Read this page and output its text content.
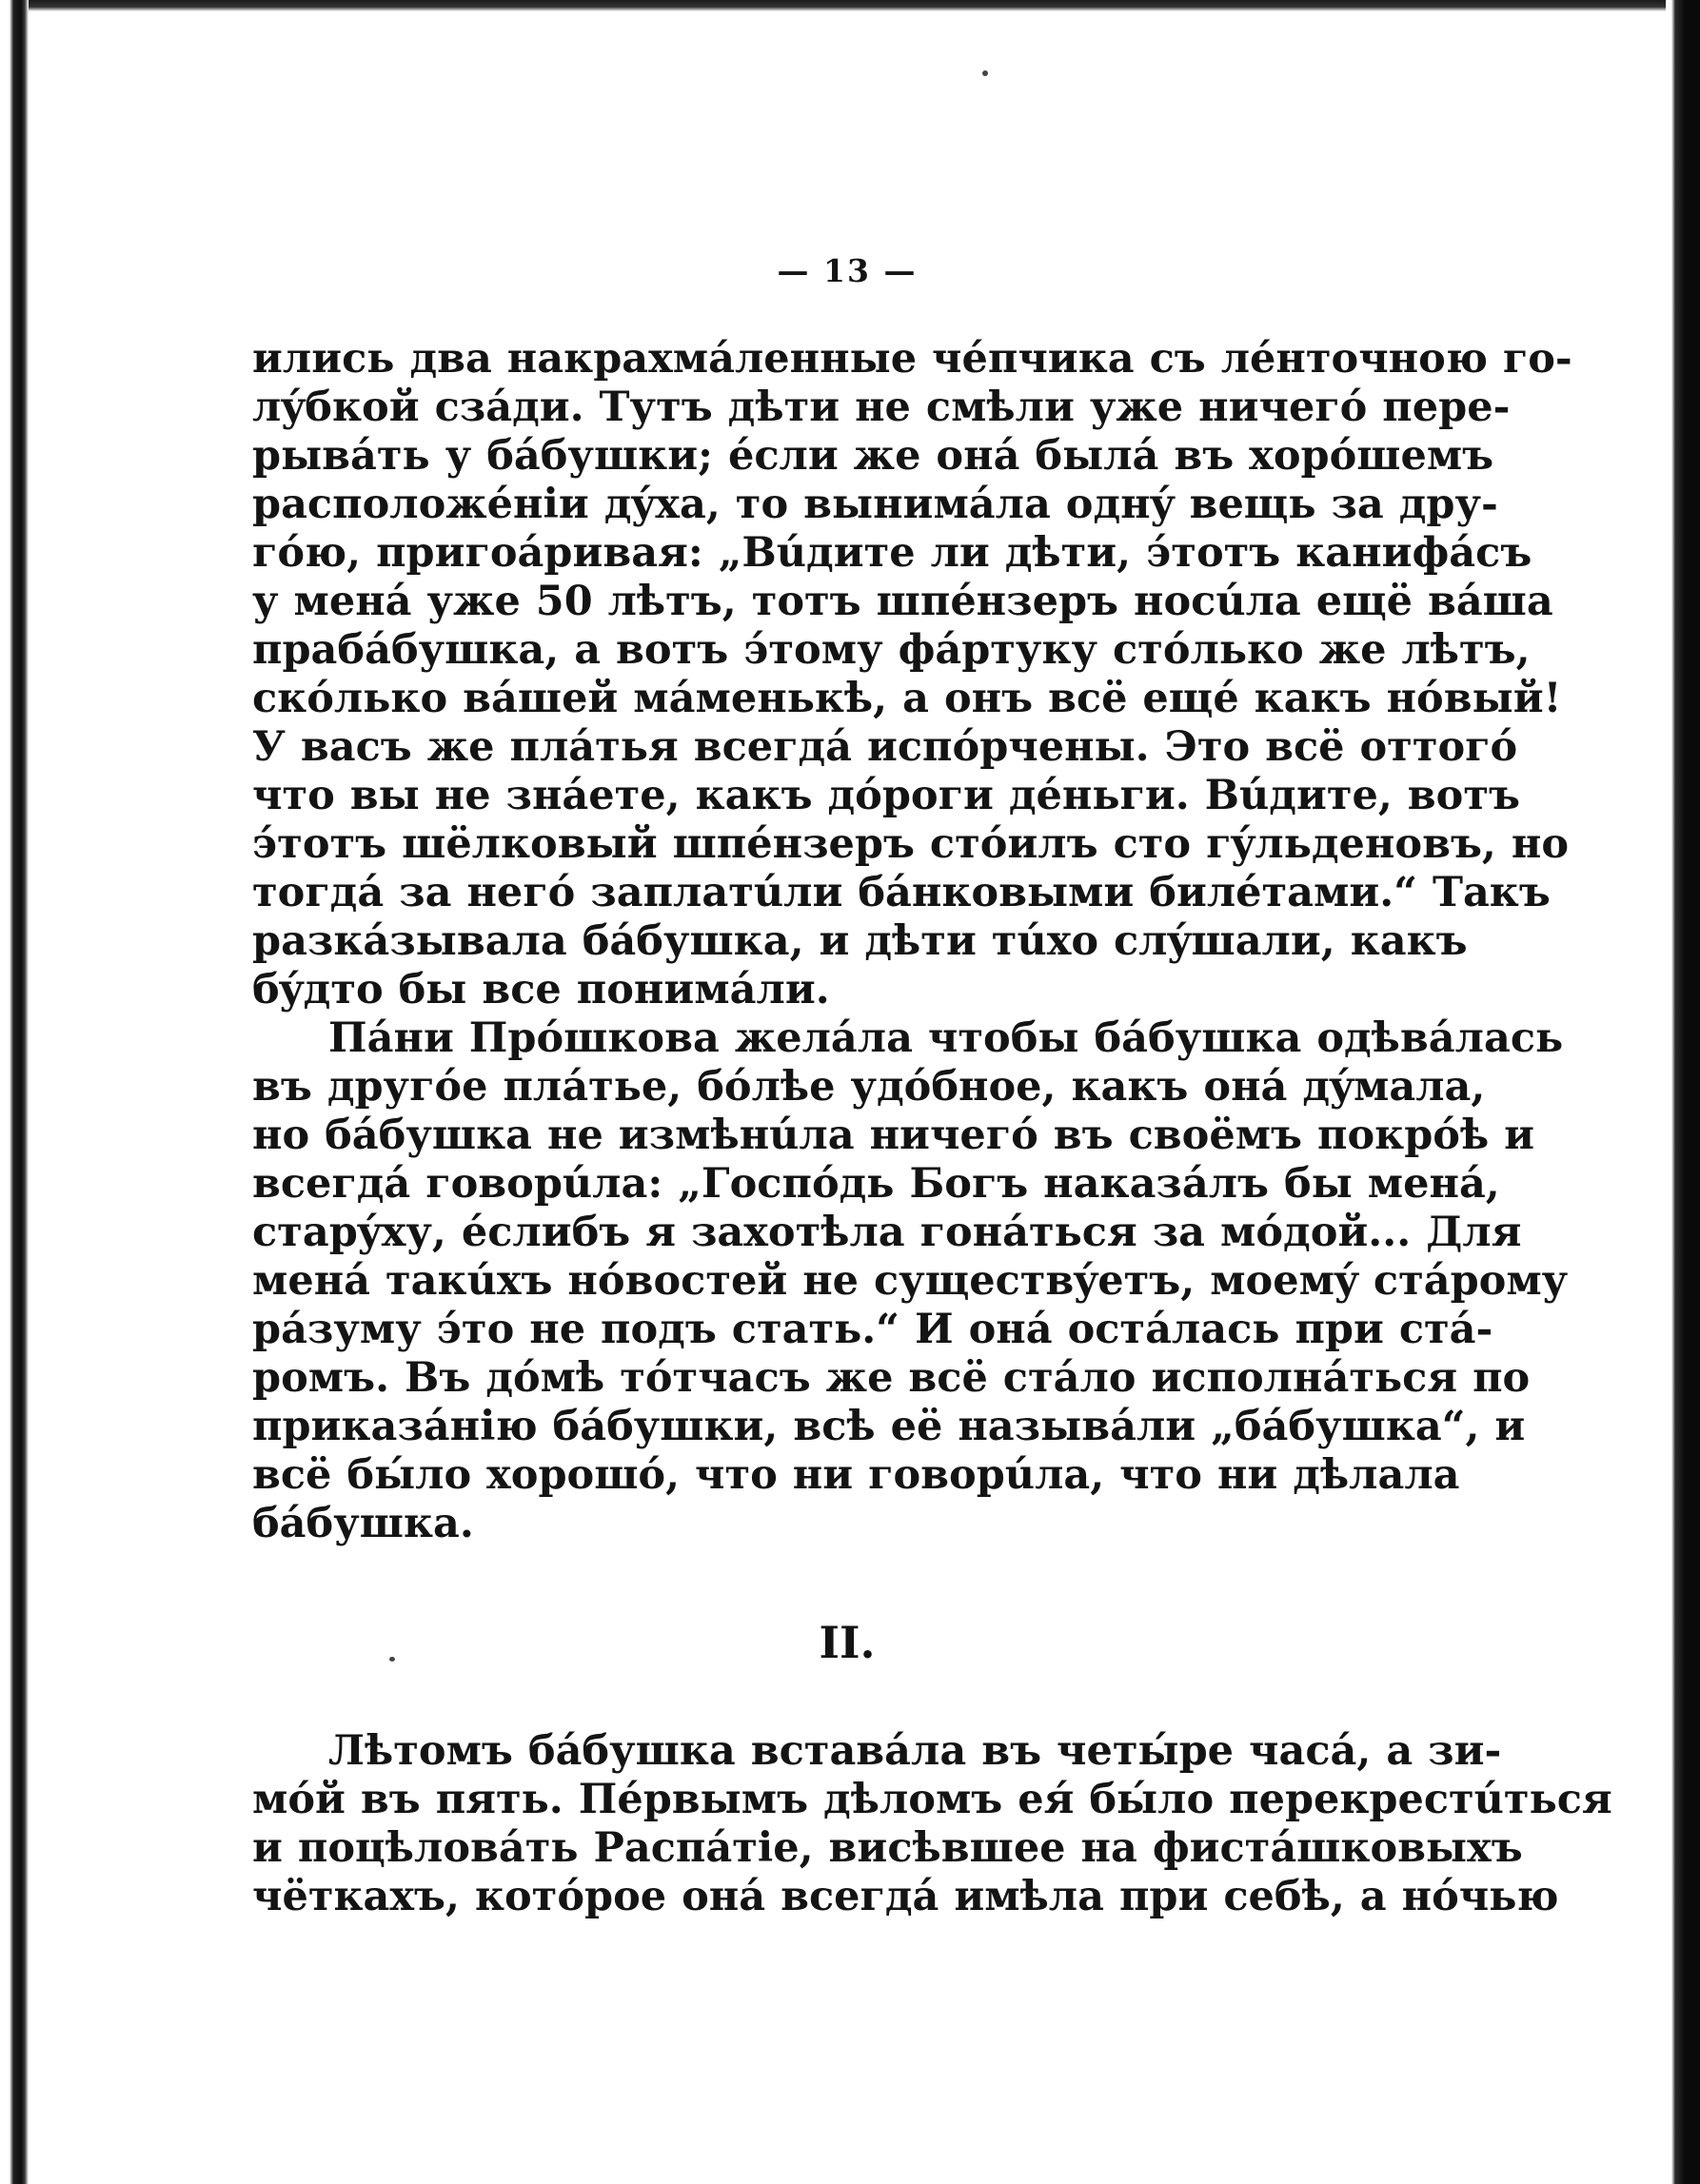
— 13 —
ились два накрахмáленные чéпчика съ лéнточною го-
лýбкой сзáди. Тутъ дѣти не смѣли уже ничегó пере-
рывáть у бáбушки; éсли же онá былá въ хорóшемъ
расположéнiи дýха, то вынимáла однý вещь за дру-
гóю, пригоáривая: „Вúдите ли дѣти, э́тотъ канифáсъ
у менá уже 50 лѣтъ, тотъ шпéнзеръ носúла ещё вáша
прабáбушка, а вотъ э́тому фáртуку стóлько же лѣтъ,
скóлько вáшей мáменькѣ, а онъ всё ещé какъ нóвый!
У васъ же плáтья всегдá испóрчены. Это всё оттогó
что вы не знáете, какъ дóроги дéньги. Вúдите, вотъ
э́тотъ шёлковый шпéнзеръ стóилъ сто гýльденовъ, но
тогдá за негó заплатúли бáнковыми билéтами.“ Такъ
разкáзывала бáбушка, и дѣти тúхо слýшали, какъ
бýдто бы все понимáли.
Пáни Прóшкова желáла чтобы бáбушка одѣвáлась
въ другóе плáтье, бóлѣе удóбное, какъ онá дýмала,
но бáбушка не измѣнúла ничегó въ своёмъ покрóѣ и
всегдá говорúла: „Госпóдь Богъ наказáлъ бы менá,
старýху, éслибъ я захотѣла гонáться за мóдой... Для
менá такúхъ нóвостей не существýетъ, моемý стáрому
рáзуму э́то не подъ стать.“ И онá остáлась при стá-
ромъ. Въ дóмѣ тóтчасъ же всё стáло исполнáться по
приказáнiю бáбушки, всѣ её назывáли „бáбушка“, и
всё бы́ло хорошó, что ни говорúла, что ни дѣлала
бáбушка.
II.
Лѣтомъ бáбушка вставáла въ четы́ре часá, а зи-
мóй въ пять. Пéрвымъ дѣломъ ея́ бы́ло перекрестúться
и поцѣловáть Распáтiе, висѣвшее на фистáшковыхъ
чётках‍ъ, котóрое онá всегдá имѣла при себѣ, а нóчью
